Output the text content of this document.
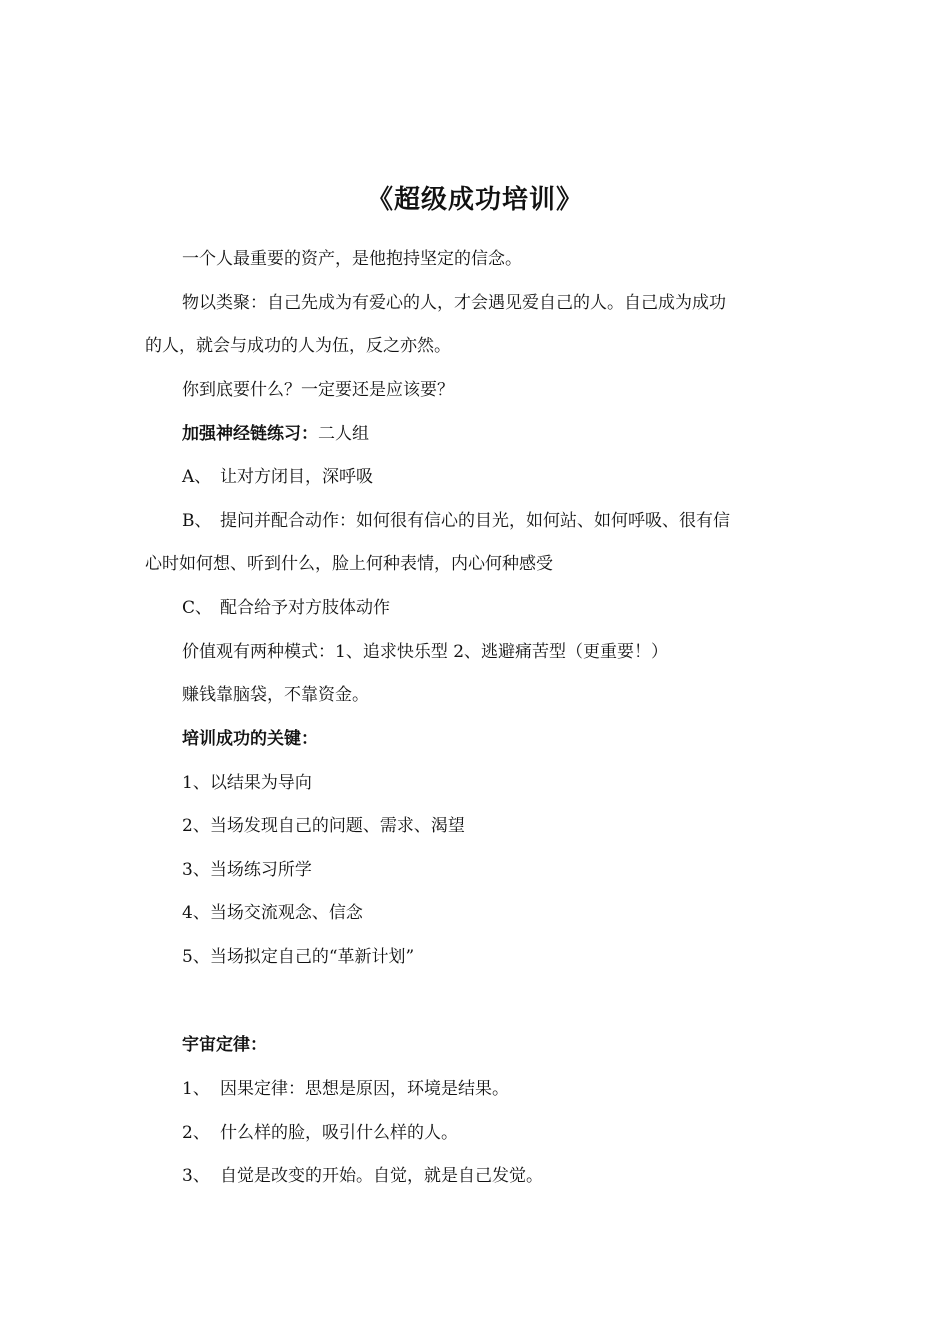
《超级成功培训》
一个人最重要的资产，是他抱持坚定的信念。
物以类聚：自己先成为有爱心的人，才会遇见爱自己的人。自己成为成功
的人，就会与成功的人为伍，反之亦然。
你到底要什么？一定要还是应该要？
加强神经链练习：二人组
A、 让对方闭目，深呼吸
B、 提问并配合动作：如何很有信心的目光，如何站、如何呼吸、很有信
心时如何想、听到什么，脸上何种表情，内心何种感受
C、 配合给予对方肢体动作
价值观有两种模式：1、追求快乐型 2、逃避痛苦型（更重要！）
赚钱靠脑袋，不靠资金。
培训成功的关键：
1、以结果为导向
2、当场发现自己的问题、需求、渴望
3、当场练习所学
4、当场交流观念、信念
5、当场拟定自己的“革新计划”
宇宙定律：
1、 因果定律：思想是原因，环境是结果。
2、 什么样的脸，吸引什么样的人。
3、 自觉是改变的开始。自觉，就是自己发觉。
